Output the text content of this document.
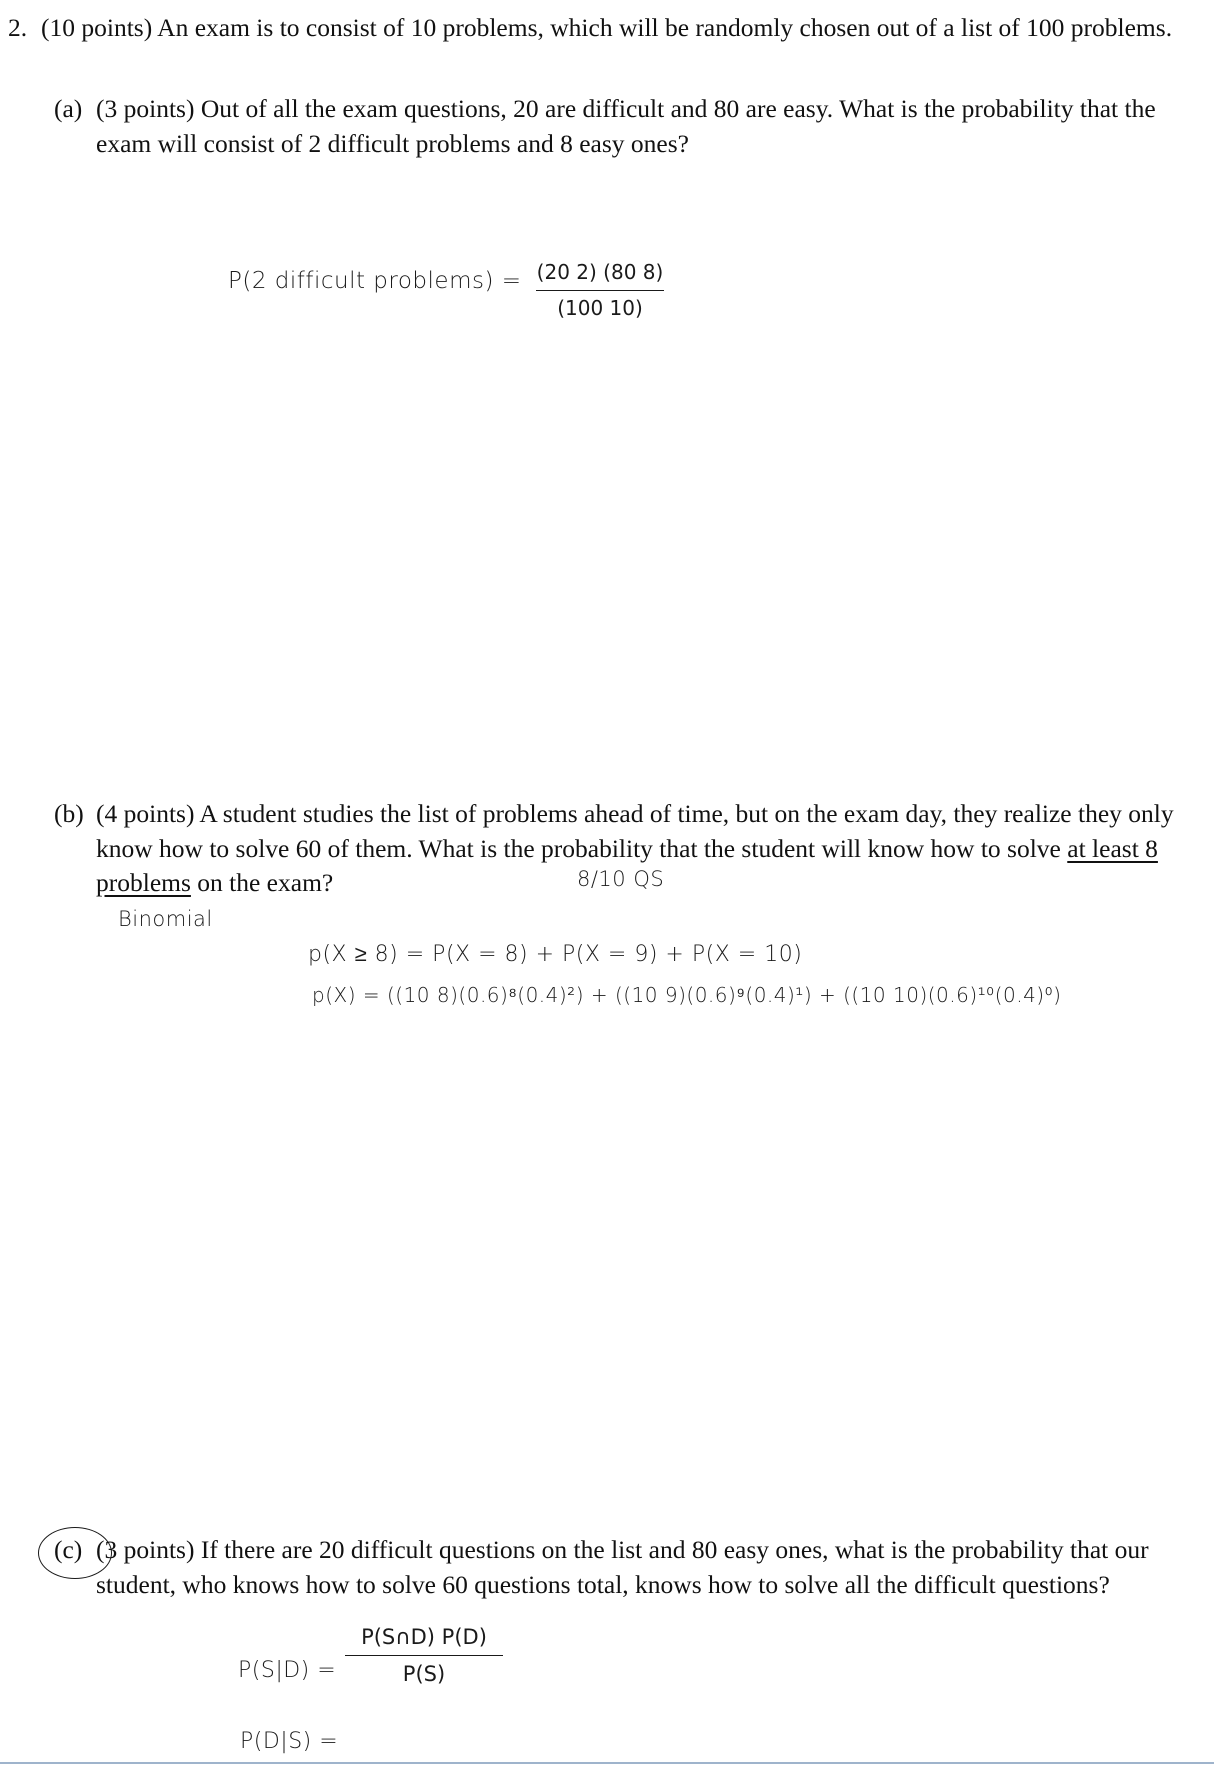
2. (10 points) An exam is to consist of 10 problems, which will be randomly chosen out of a list of 100 problems.
(a) (3 points) Out of all the exam questions, 20 are difficult and 80 are easy. What is the probability that the exam will consist of 2 difficult problems and 8 easy ones?
P(2 difficult problems) = $\frac{(20 2) (80 8)}{(100 10)}$
(b) (4 points) A student studies the list of problems ahead of time, but on the exam day, they realize they only know how to solve 60 of them. What is the probability that the student will know how to solve at least 8 problems on the exam?	8/10 QS
Binomial
p(X ≥ 8) = P(X = 8) + P(X = 9) + P(X = 10)
p(X) = ((10 8)(0.6)⁸(0.4)²) + ((10 9)(0.6)⁹(0.4)¹) + ((10 10)(0.6)¹⁰(0.4)⁰)
(c) (3 points) If there are 20 difficult questions on the list and 80 easy ones, what is the probability that our student, who knows how to solve 60 questions total, knows how to solve all the difficult questions?
$P(S|D) = \frac{P(S\cap D) P(D)}{P(S)}$
P(D|S) =
